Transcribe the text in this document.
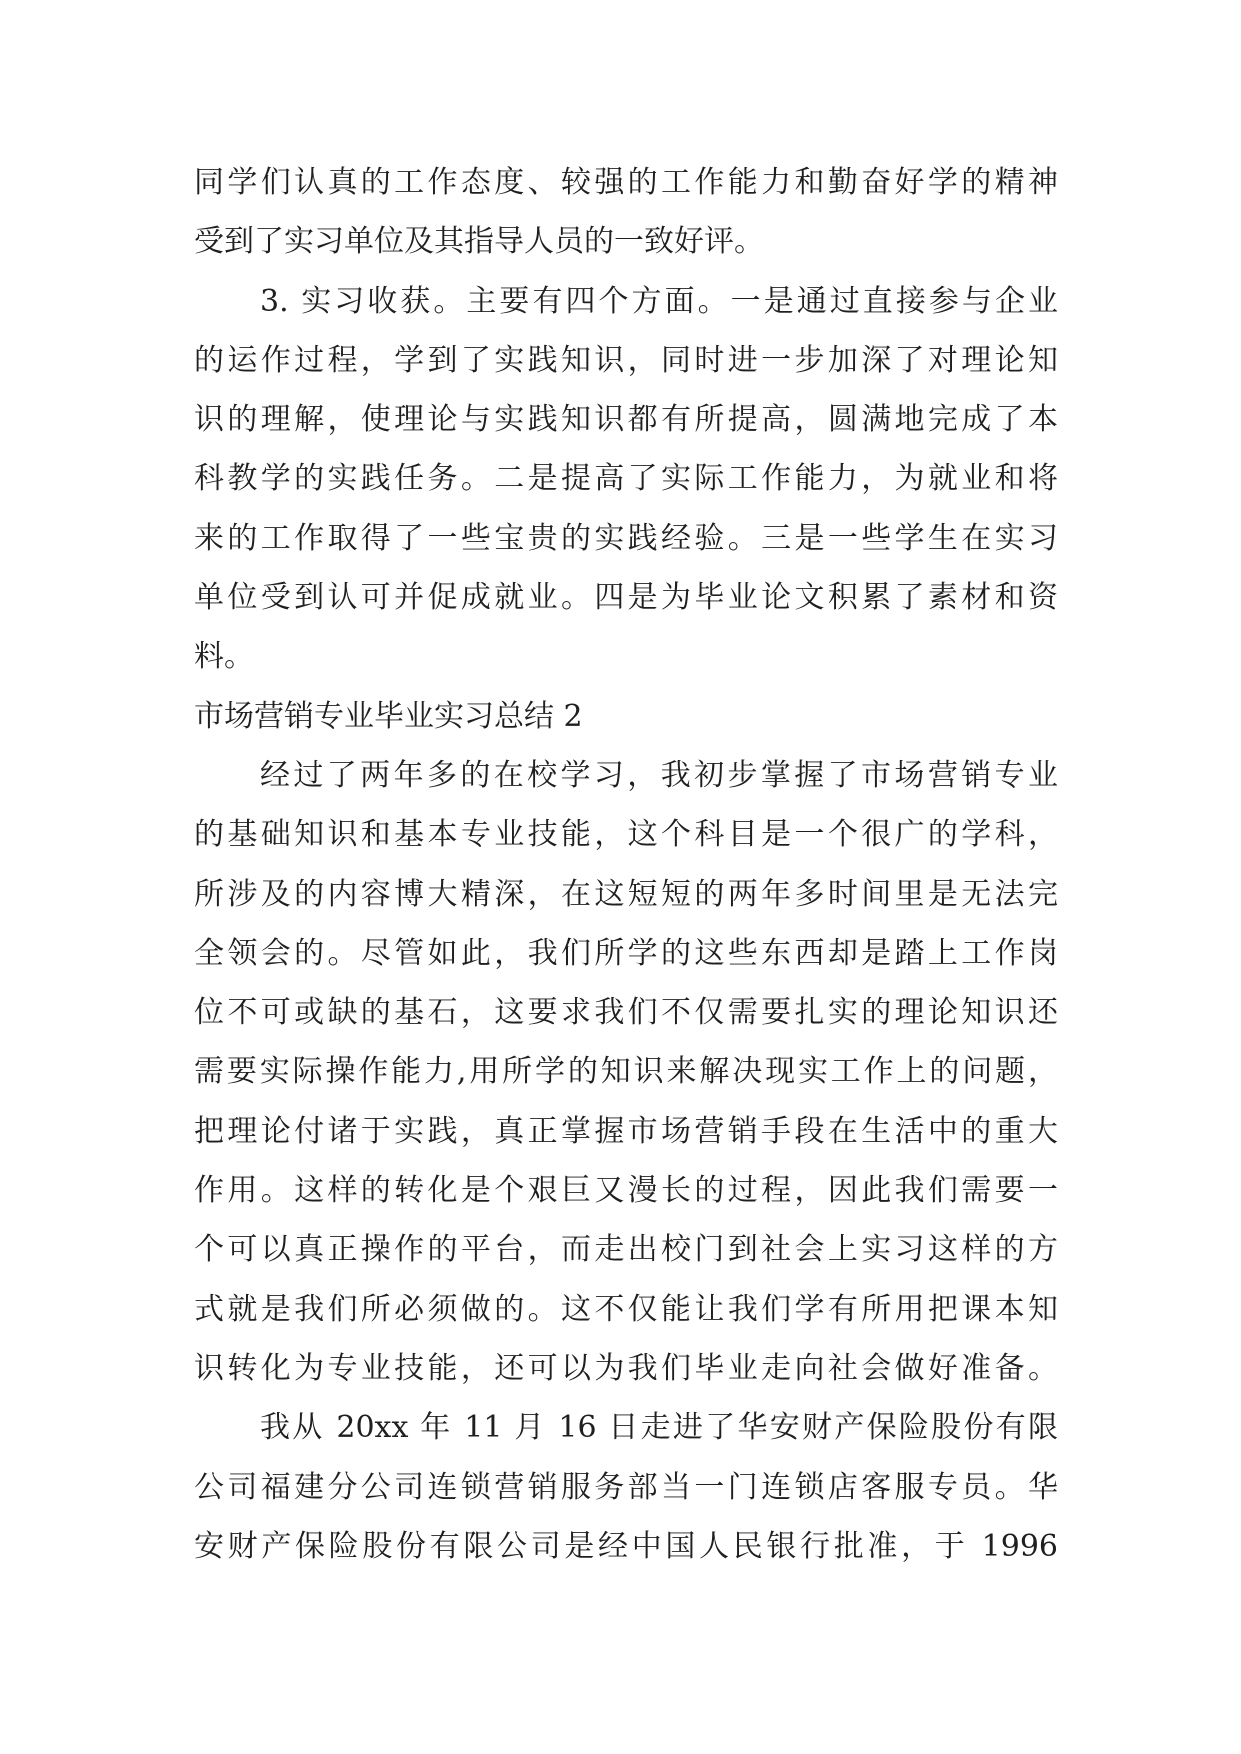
同学们认真的工作态度、较强的工作能力和勤奋好学的精神
受到了实习单位及其指导人员的一致好评。
3. 实习收获。主要有四个方面。一是通过直接参与企业
的运作过程，学到了实践知识，同时进一步加深了对理论知
识的理解，使理论与实践知识都有所提高，圆满地完成了本
科教学的实践任务。二是提高了实际工作能力，为就业和将
来的工作取得了一些宝贵的实践经验。三是一些学生在实习
单位受到认可并促成就业。四是为毕业论文积累了素材和资
料。
市场营销专业毕业实习总结 2
经过了两年多的在校学习，我初步掌握了市场营销专业
的基础知识和基本专业技能，这个科目是一个很广的学科，
所涉及的内容博大精深，在这短短的两年多时间里是无法完
全领会的。尽管如此，我们所学的这些东西却是踏上工作岗
位不可或缺的基石，这要求我们不仅需要扎实的理论知识还
需要实际操作能力,用所学的知识来解决现实工作上的问题，
把理论付诸于实践，真正掌握市场营销手段在生活中的重大
作用。这样的转化是个艰巨又漫长的过程，因此我们需要一
个可以真正操作的平台，而走出校门到社会上实习这样的方
式就是我们所必须做的。这不仅能让我们学有所用把课本知
识转化为专业技能，还可以为我们毕业走向社会做好准备。
我从 20xx 年 11 月 16 日走进了华安财产保险股份有限
公司福建分公司连锁营销服务部当一门连锁店客服专员。华
安财产保险股份有限公司是经中国人民银行批准，于 1996
